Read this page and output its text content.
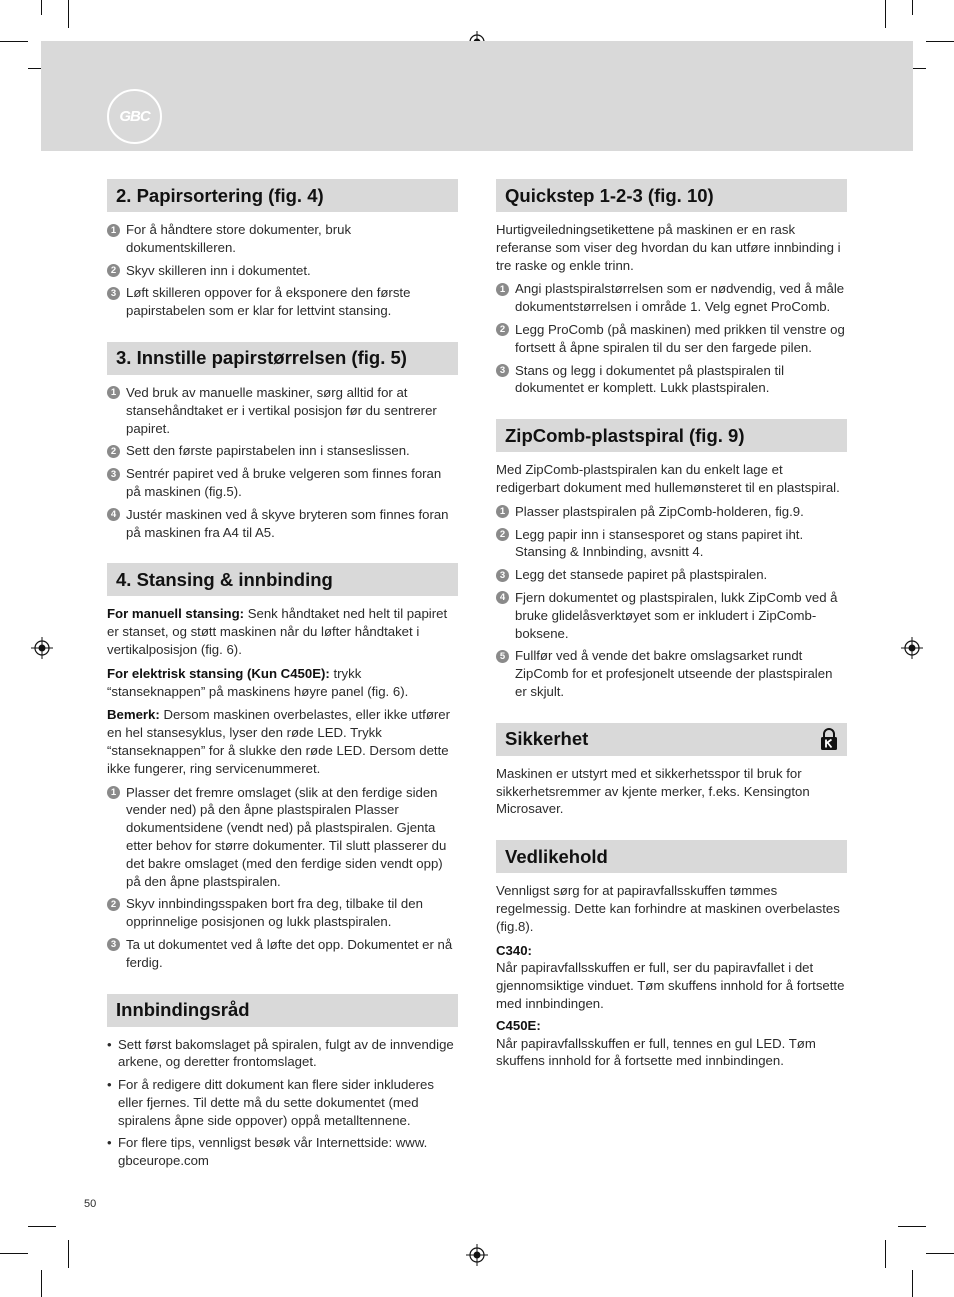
GBC
2. Papirsortering (fig. 4)
1 For å håndtere store dokumenter, bruk dokumentskilleren.
2 Skyv skilleren inn i dokumentet.
3 Løft skilleren oppover for å eksponere den første papirstabelen som er klar for lettvint stansing.
3. Innstille papirstørrelsen (fig. 5)
1 Ved bruk av manuelle maskiner, sørg alltid for at stansehåndtaket er i vertikal posisjon før du sentrerer papiret.
2 Sett den første papirstabelen inn i stanseslissen.
3 Sentrér papiret ved å bruke velgeren som finnes foran på maskinen (fig.5).
4 Justér maskinen ved å skyve bryteren som finnes foran på maskinen fra A4 til A5.
4. Stansing & innbinding

For manuell stansing: Senk håndtaket ned helt til papiret er stanset, og støtt maskinen når du løfter håndtaket i vertikalposisjon (fig. 6).

For elektrisk stansing (Kun C450E): trykk “stanseknappen” på maskinens høyre panel (fig. 6).

Bemerk: Dersom maskinen overbelastes, eller ikke utfører en hel stansesyklus, lyser den røde LED. Trykk “stanseknappen” for å slukke den røde LED. Dersom dette ikke fungerer, ring servicenummeret.

1 Plasser det fremre omslaget (slik at den ferdige siden vender ned) på den åpne plastspiralen Plasser dokumentsidene (vendt ned) på plastspiralen. Gjenta etter behov for større dokumenter. Til slutt plasserer du det bakre omslaget (med den ferdige siden vendt opp) på den åpne plastspiralen.
2 Skyv innbindingsspaken bort fra deg, tilbake til den opprinnelige posisjonen og lukk plastspiralen.
3 Ta ut dokumentet ved å løfte det opp. Dokumentet er nå ferdig.
Innbindingsråd
• Sett først bakomslaget på spiralen, fulgt av de innvendige arkene, og deretter frontomslaget.
• For å redigere ditt dokument kan flere sider inkluderes eller fjernes. Til dette må du sette dokumentet (med spiralens åpne side oppover) oppå metalltennene.
• For flere tips, vennligst besøk vår Internettside: www. gbceurope.com
Quickstep 1-2-3 (fig. 10)

Hurtigveiledningsetikettene på maskinen er en rask referanse som viser deg hvordan du kan utføre innbinding i tre raske og enkle trinn.

1 Angi plastspiralstørrelsen som er nødvendig, ved å måle dokumentstørrelsen i område 1. Velg egnet ProComb.
2 Legg ProComb (på maskinen) med prikken til venstre og fortsett å åpne spiralen til du ser den fargede pilen.
3 Stans og legg i dokumentet på plastspiralen til dokumentet er komplett. Lukk plastspiralen.
ZipComb-plastspiral (fig. 9)

Med ZipComb-plastspiralen kan du enkelt lage et redigerbart dokument med hullemønsteret til en plastspiral.

1 Plasser plastspiralen på ZipComb-holderen, fig.9.
2 Legg papir inn i stansesporet og stans papiret iht. Stansing & Innbinding, avsnitt 4.
3 Legg det stansede papiret på plastspiralen.
4 Fjern dokumentet og plastspiralen, lukk ZipComb ved å bruke glidelåsverktøyet som er inkludert i ZipComb-boksene.
5 Fullfør ved å vende det bakre omslagsarket rundt ZipComb for et profesjonelt utseende der plastspiralen er skjult.
Sikkerhet

Maskinen er utstyrt med et sikkerhetsspor til bruk for sikkerhetsremmer av kjente merker, f.eks. Kensington Microsaver.

Vedlikehold

Vennligst sørg for at papiravfallsskuffen tømmes regelmessig. Dette kan forhindre at maskinen overbelastes (fig.8).

C340:
Når papiravfallsskuffen er full, ser du papiravfallet i det gjennomsiktige vinduet. Tøm skuffens innhold for å fortsette med innbindingen.

C450E:
Når papiravfallsskuffen er full, tennes en gul LED. Tøm skuffens innhold for å fortsette med innbindingen.

50
